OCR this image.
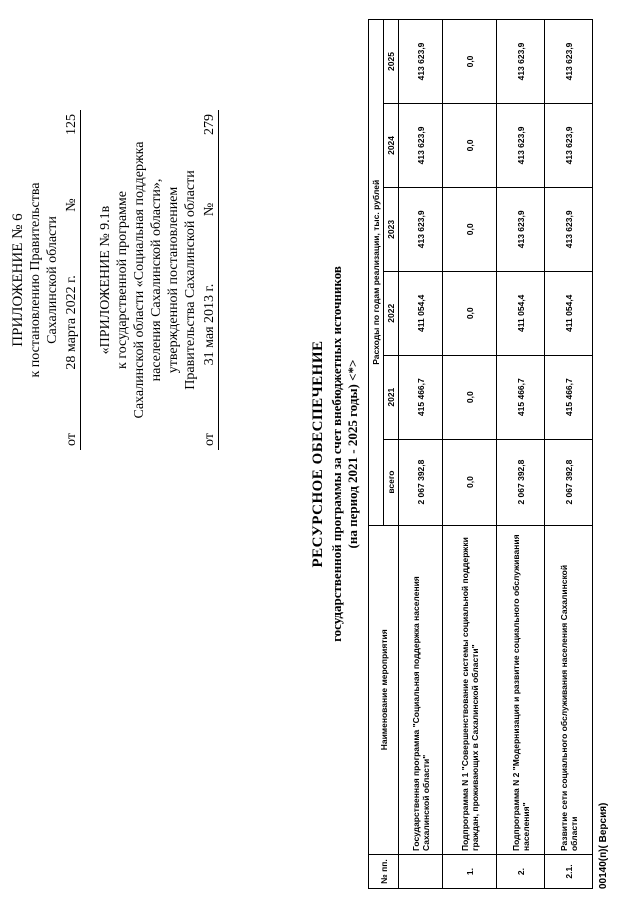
ПРИЛОЖЕНИЕ № 6 к постановлению Правительства Сахалинской области
от
28 марта 2022 г.
№
125
«ПРИЛОЖЕНИЕ № 9.1в к государственной программе Сахалинской области «Социальная поддержка населения Сахалинской области», утвержденной постановлением Правительства Сахалинской области
от
31 мая 2013 г.
№
279
РЕСУРСНОЕ ОБЕСПЕЧЕНИЕ государственной программы за счет внебюджетных источников (на период 2021 - 2025 годы) <*>
№ пп.	Наименование мероприятия	Расходы по годам реализации, тыс. рублей					
		всего	2021	2022	2023	2024	2025
	Государственная программа "Социальная поддержка населения Сахалинской области"	2 067 392,8	415 466,7	411 054,4	413 623,9	413 623,9	413 623,9
1.	Подпрограмма N 1 "Совершенствование системы социальной поддержки граждан, проживающих в Сахалинской области"	0,0	0,0	0,0	0,0	0,0	0,0
2.	Подпрограмма N 2 "Модернизация и развитие социального обслуживания населения"	2 067 392,8	415 466,7	411 054,4	413 623,9	413 623,9	413 623,9
2.1.	Развитие сети социального обслуживания населения Сахалинской области	2 067 392,8	415 466,7	411 054,4	413 623,9	413 623,9	413 623,9
00140(п)( Версия)
